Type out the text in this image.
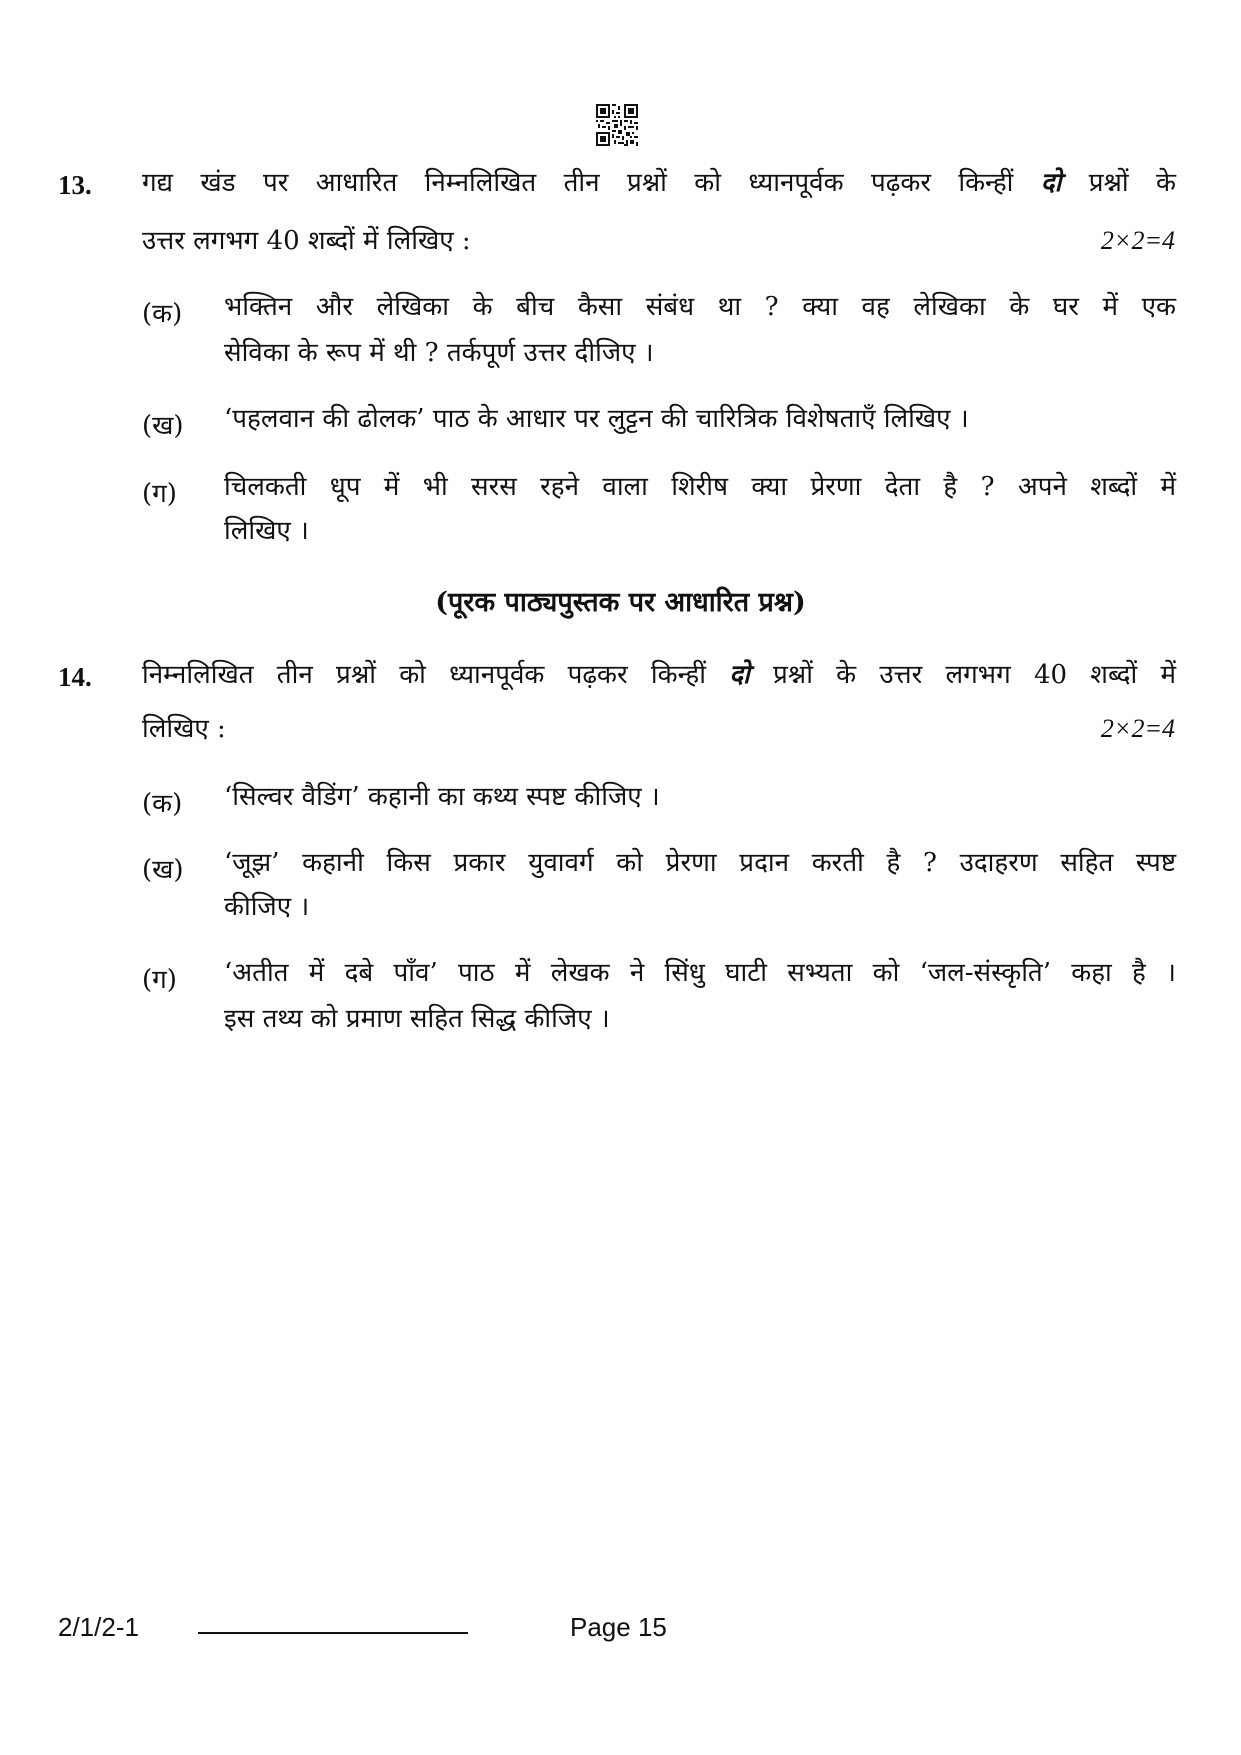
13. गद्य खंड पर आधारित निम्नलिखित तीन प्रश्नों को ध्यानपूर्वक पढ़कर किन्हीं दो प्रश्नों के
उत्तर लगभग 40 शब्दों में लिखिए :	2×2=4
(क) भक्तिन और लेखिका के बीच कैसा संबंध था ? क्या वह लेखिका के घर में एक
सेविका के रूप में थी ? तर्कपूर्ण उत्तर दीजिए ।
(ख) ‘पहलवान की ढोलक’ पाठ के आधार पर लुट्टन की चारित्रिक विशेषताएँ लिखिए ।
(ग) चिलकती धूप में भी सरस रहने वाला शिरीष क्या प्रेरणा देता है ? अपने शब्दों में
लिखिए ।
(पूरक पाठ्यपुस्तक पर आधारित प्रश्न)
14. निम्नलिखित तीन प्रश्नों को ध्यानपूर्वक पढ़कर किन्हीं दो प्रश्नों के उत्तर लगभग 40 शब्दों में
लिखिए :	2×2=4
(क) ‘सिल्वर वैडिंग’ कहानी का कथ्य स्पष्ट कीजिए ।
(ख) ‘जूझ’ कहानी किस प्रकार युवावर्ग को प्रेरणा प्रदान करती है ? उदाहरण सहित स्पष्ट
कीजिए ।
(ग) ‘अतीत में दबे पाँव’ पाठ में लेखक ने सिंधु घाटी सभ्यता को ‘जल-संस्कृति’ कहा है ।
इस तथ्य को प्रमाण सहित सिद्ध कीजिए ।
2/1/2-1	Page 15
